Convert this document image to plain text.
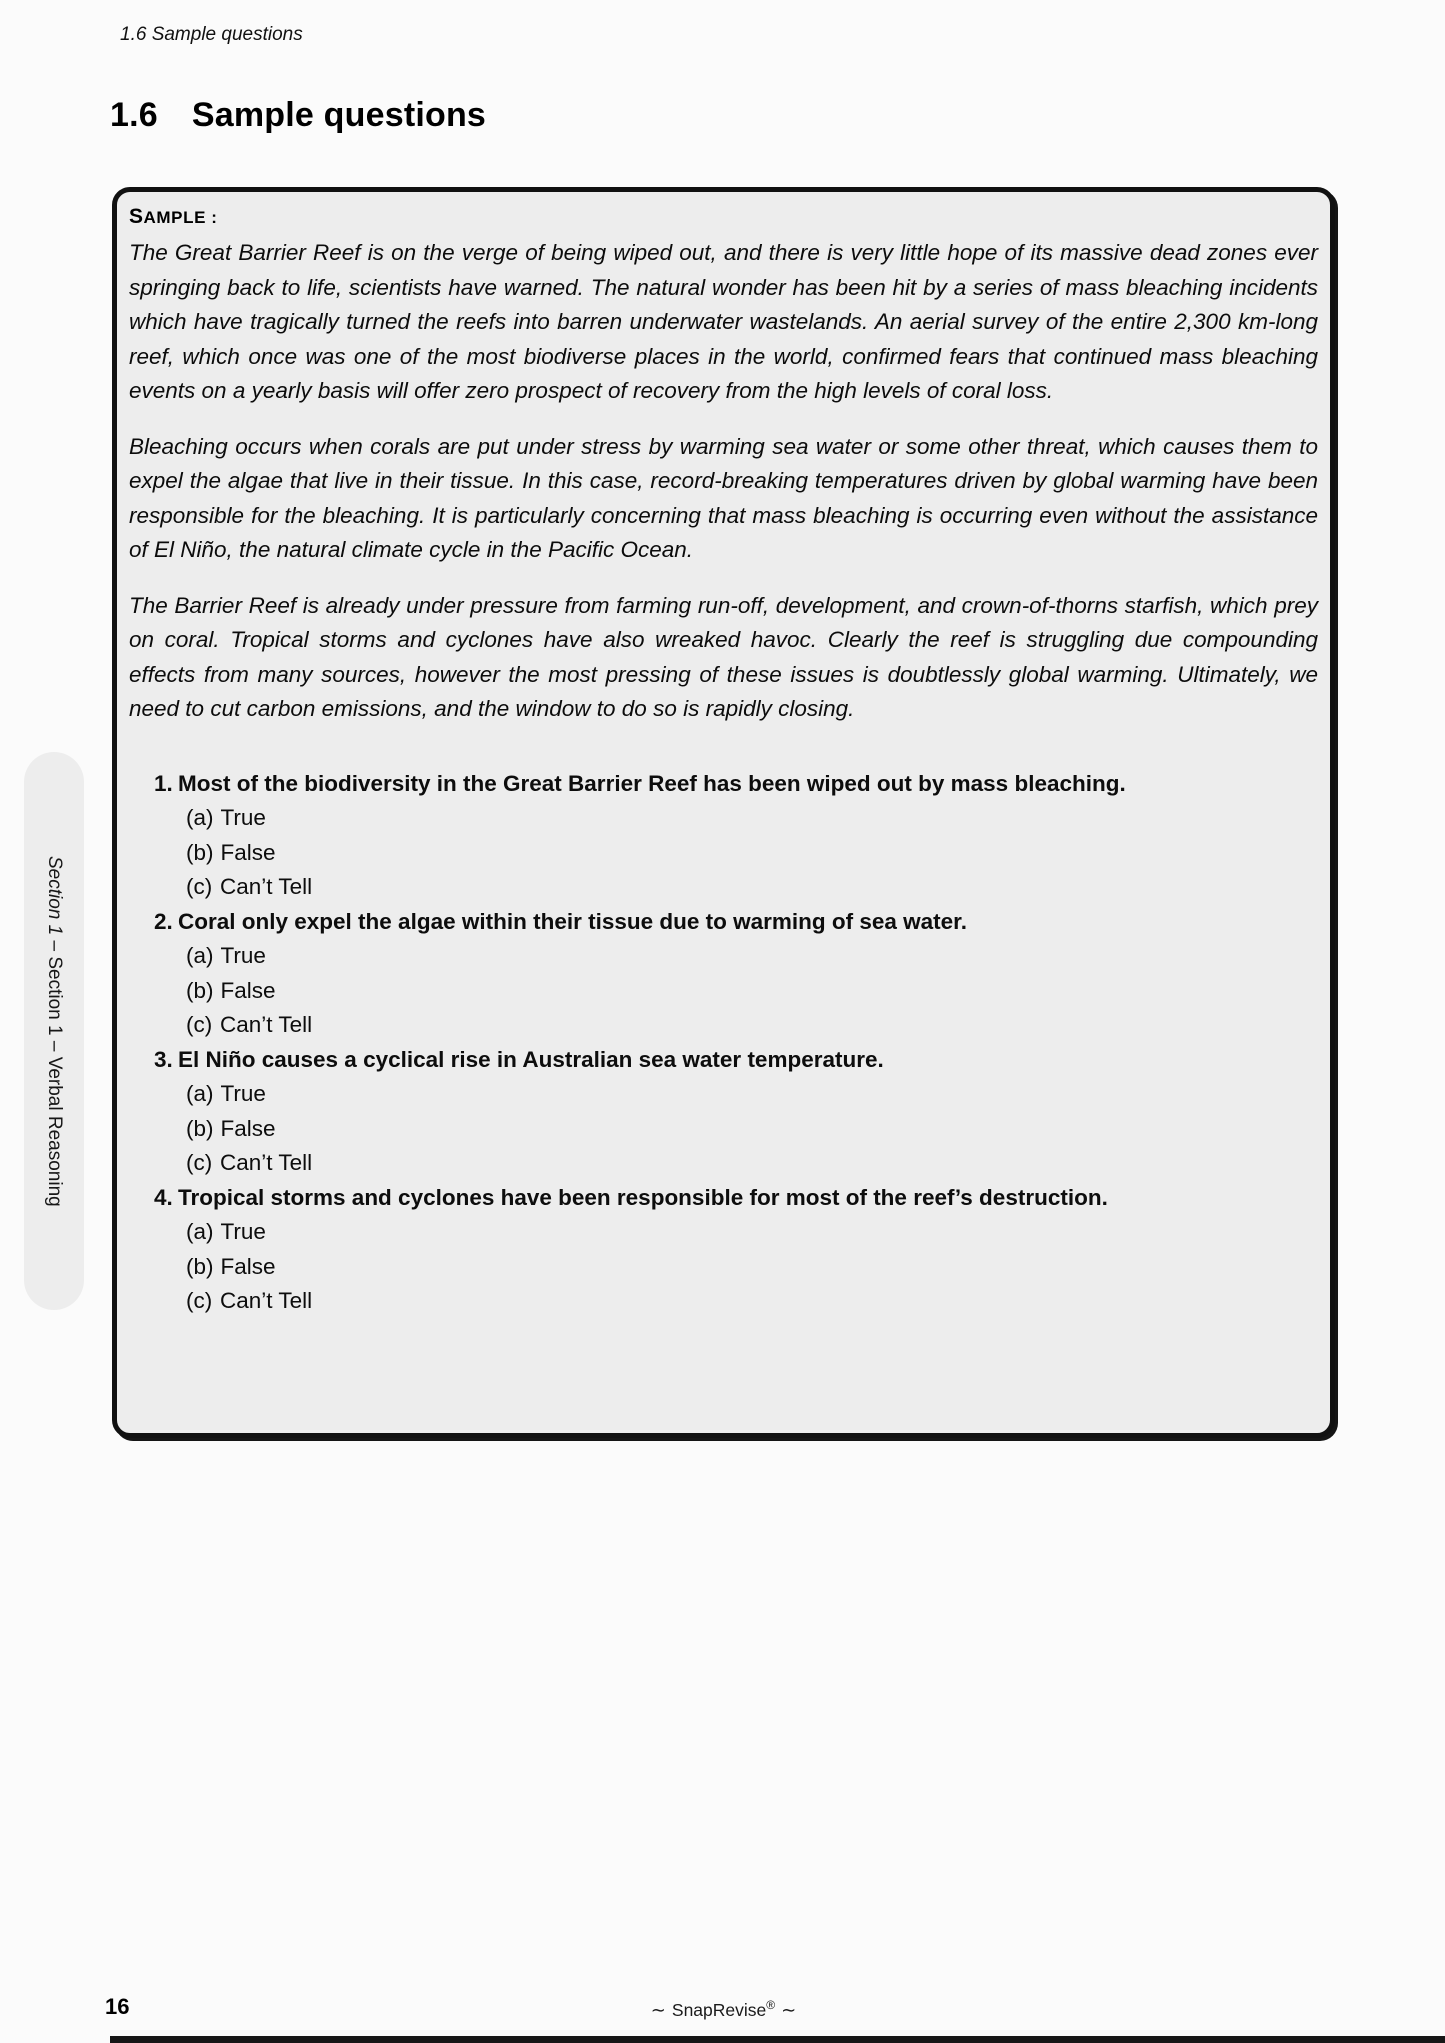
1.6 Sample questions
1.6 Sample questions
SAMPLE :

The Great Barrier Reef is on the verge of being wiped out, and there is very little hope of its massive dead zones ever springing back to life, scientists have warned. The natural wonder has been hit by a series of mass bleaching incidents which have tragically turned the reefs into barren underwater wastelands. An aerial survey of the entire 2,300 km-long reef, which once was one of the most biodiverse places in the world, confirmed fears that continued mass bleaching events on a yearly basis will offer zero prospect of recovery from the high levels of coral loss.

Bleaching occurs when corals are put under stress by warming sea water or some other threat, which causes them to expel the algae that live in their tissue. In this case, record-breaking temperatures driven by global warming have been responsible for the bleaching. It is particularly concerning that mass bleaching is occurring even without the assistance of El Niño, the natural climate cycle in the Pacific Ocean.

The Barrier Reef is already under pressure from farming run-off, development, and crown-of-thorns starfish, which prey on coral. Tropical storms and cyclones have also wreaked havoc. Clearly the reef is struggling due compounding effects from many sources, however the most pressing of these issues is doubtlessly global warming. Ultimately, we need to cut carbon emissions, and the window to do so is rapidly closing.

1. Most of the biodiversity in the Great Barrier Reef has been wiped out by mass bleaching.
(a) True
(b) False
(c) Can’t Tell
2. Coral only expel the algae within their tissue due to warming of sea water.
(a) True
(b) False
(c) Can’t Tell
3. El Niño causes a cyclical rise in Australian sea water temperature.
(a) True
(b) False
(c) Can’t Tell
4. Tropical storms and cyclones have been responsible for most of the reef’s destruction.
(a) True
(b) False
(c) Can’t Tell
Section 1 – Section 1 – Verbal Reasoning
16	∼ SnapRevise® ∼
